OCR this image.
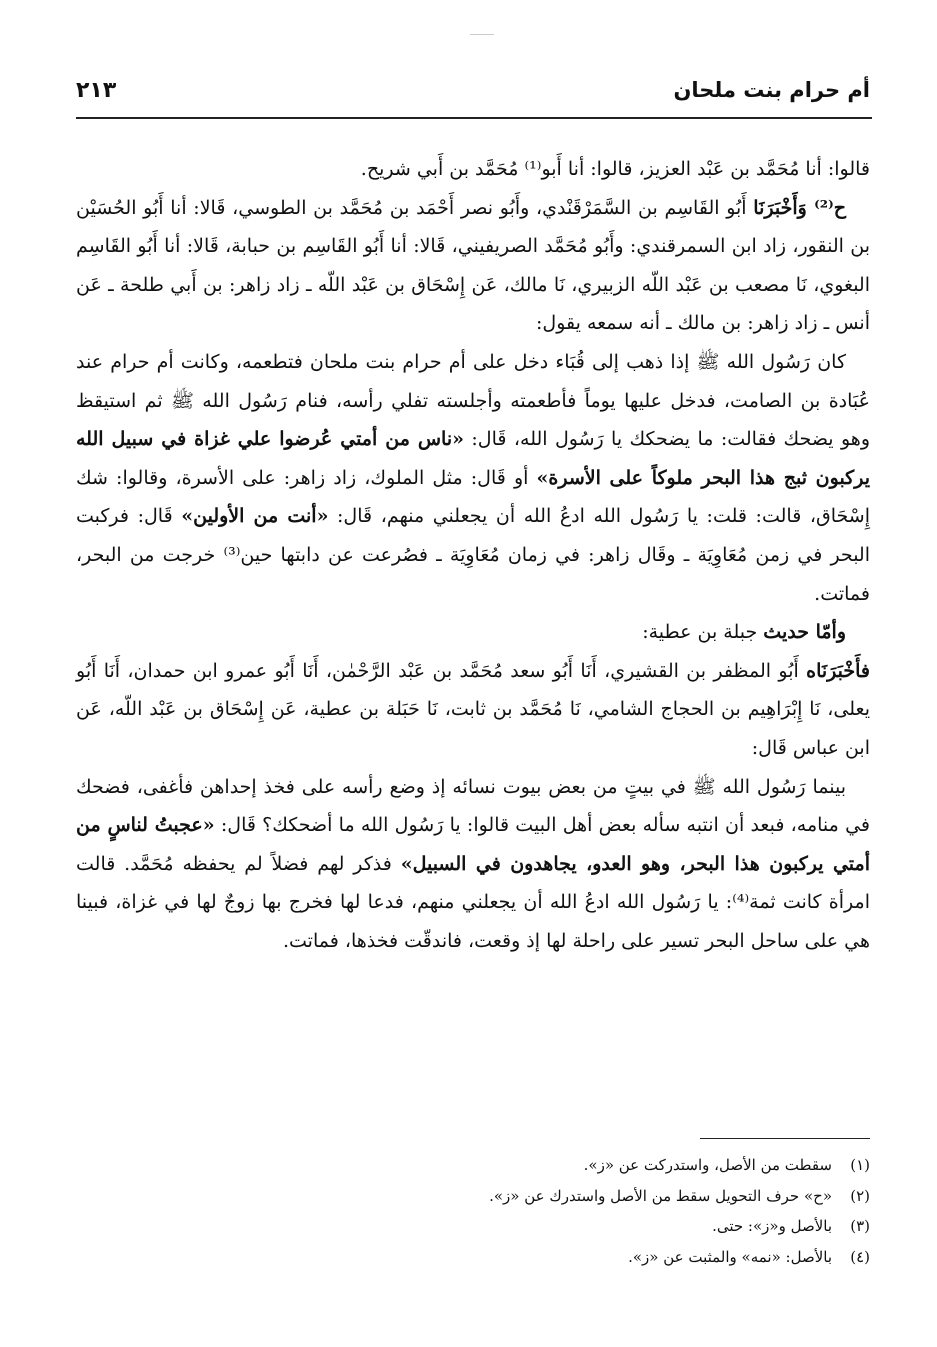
أم حرام بنت ملحان
٢١٣

قالوا: أنا مُحَمَّد بن عَبْد العزيز، قالوا: أنا أَبو⁽¹⁾ مُحَمَّد بن أَبي شريح.

ح⁽²⁾ وَأَخْبَرَنَا أَبُو القَاسِم بن السَّمَرْقَنْدي، وأَبُو نصر أَحْمَد بن مُحَمَّد بن الطوسي، قَالا: أنا أَبُو الحُسَيْن بن النقور، زاد ابن السمرقندي: وأَبُو مُحَمَّد الصريفيني، قَالا: أنا أَبُو القَاسِم بن حبابة، قَالا: أنا أَبُو القَاسِم البغوي، نَا مصعب بن عَبْد اللّه الزبيري، نَا مالك، عَن إِسْحَاق بن عَبْد اللّه ـ زاد زاهر: بن أَبي طلحة ـ عَن أنس ـ زاد زاهر: بن مالك ـ أنه سمعه يقول:

كان رَسُول الله ﷺ إذا ذهب إلى قُبَاء دخل على أم حرام بنت ملحان فتطعمه، وكانت أم حرام عند عُبَادة بن الصامت، فدخل عليها يوماً فأطعمته وأجلسته تفلي رأسه، فنام رَسُول الله ﷺ ثم استيقظ وهو يضحك فقالت: ما يضحكك يا رَسُول الله، قَال: «ناس من أمتي عُرضوا علي غزاة في سبيل الله يركبون ثبج هذا البحر ملوكاً على الأسرة» أو قَال: مثل الملوك، زاد زاهر: على الأسرة، وقالوا: شك إِسْحَاق، قالت: قلت: يا رَسُول الله ادعُ الله أن يجعلني منهم، قَال: «أنت من الأولين» قَال: فركبت البحر في زمن مُعَاوِيَة ـ وقَال زاهر: في زمان مُعَاوِيَة ـ فصُرعت عن دابتها حين⁽³⁾ خرجت من البحر، فماتت.

وأمّا حديث جبلة بن عطية:

فأَخْبَرَنَاه أَبُو المظفر بن القشيري، أَنَا أَبُو سعد مُحَمَّد بن عَبْد الرَّحْمٰن، أَنَا أَبُو عمرو ابن حمدان، أَنَا أَبُو يعلى، نَا إِبْرَاهِيم بن الحجاج الشامي، نَا مُحَمَّد بن ثابت، نَا حَبَلة بن عطية، عَن إِسْحَاق بن عَبْد اللّه، عَن ابن عباس قَال:

بينما رَسُول الله ﷺ في بيتٍ من بعض بيوت نسائه إذ وضع رأسه على فخذ إحداهن فأغفى، فضحك في منامه، فبعد أن انتبه سأله بعض أهل البيت قالوا: يا رَسُول الله ما أضحكك؟ قَال: «عجبتُ لناسٍ من أمتي يركبون هذا البحر، وهو العدو، يجاهدون في السبيل» فذكر لهم فضلاً لم يحفظه مُحَمَّد. قالت امرأة كانت ثمة⁽⁴⁾: يا رَسُول الله ادعُ الله أن يجعلني منهم، فدعا لها فخرج بها زوجٌ لها في غزاة، فبينا هي على ساحل البحر تسير على راحلة لها إذ وقعت، فاندقّت فخذها، فماتت.

(١)
سقطت من الأصل، واستدركت عن «ز».
(٢)
«ح» حرف التحويل سقط من الأصل واستدرك عن «ز».
(٣)
بالأصل و«ز»: حتى.
(٤)
بالأصل: «نمه» والمثبت عن «ز».
